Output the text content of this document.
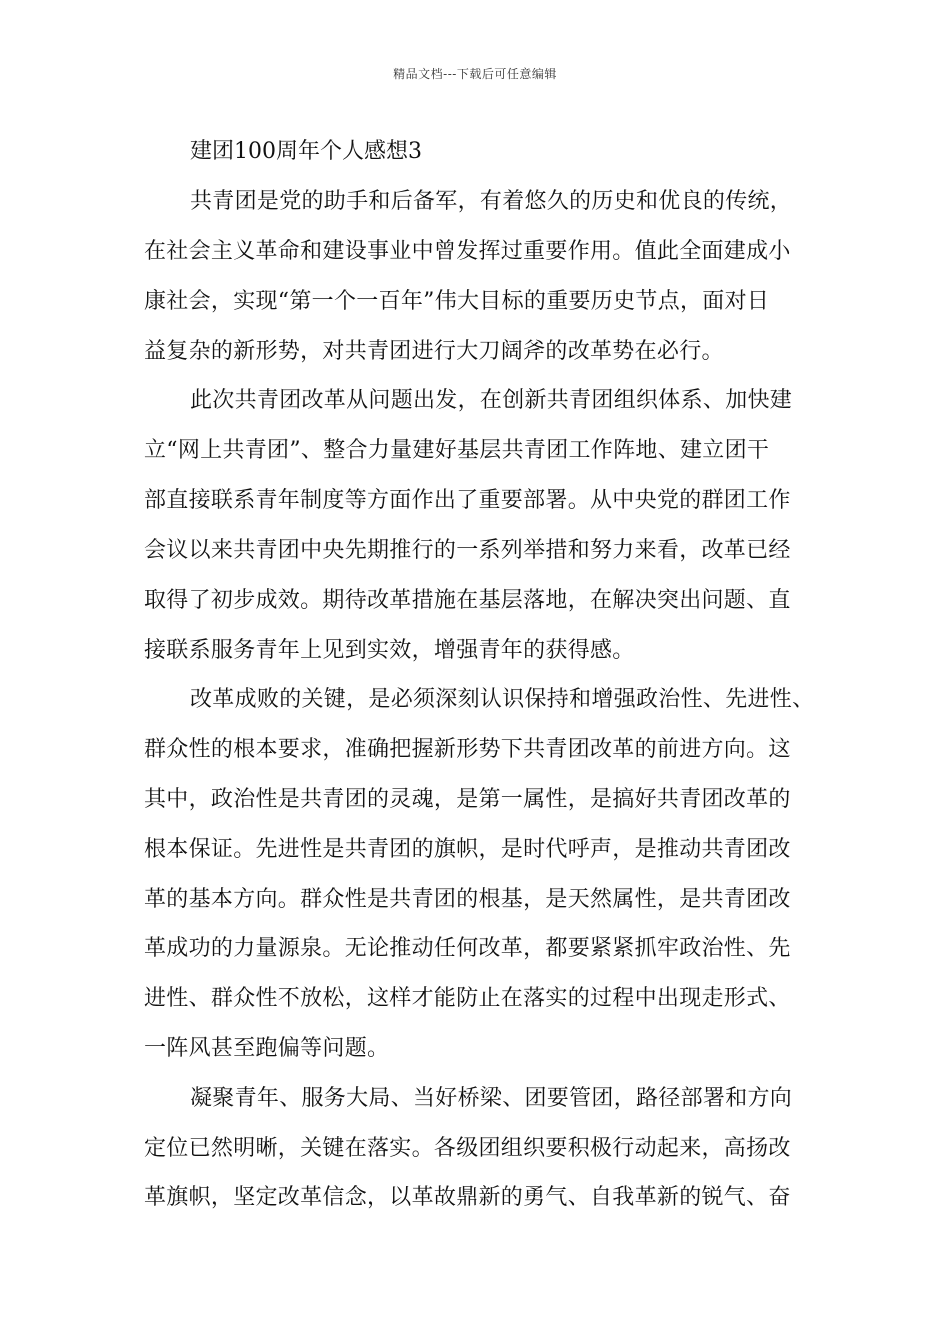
精品文档---下载后可任意编辑
建团100周年个人感想3
共青团是党的助手和后备军，有着悠久的历史和优良的传统，
在社会主义革命和建设事业中曾发挥过重要作用。值此全面建成小
康社会，实现“第一个一百年”伟大目标的重要历史节点，面对日
益复杂的新形势，对共青团进行大刀阔斧的改革势在必行。
此次共青团改革从问题出发，在创新共青团组织体系、加快建
立“网上共青团”、整合力量建好基层共青团工作阵地、建立团干
部直接联系青年制度等方面作出了重要部署。从中央党的群团工作
会议以来共青团中央先期推行的一系列举措和努力来看，改革已经
取得了初步成效。期待改革措施在基层落地，在解决突出问题、直
接联系服务青年上见到实效，增强青年的获得感。
改革成败的关键，是必须深刻认识保持和增强政治性、先进性、
群众性的根本要求，准确把握新形势下共青团改革的前进方向。这
其中，政治性是共青团的灵魂，是第一属性，是搞好共青团改革的
根本保证。先进性是共青团的旗帜，是时代呼声，是推动共青团改
革的基本方向。群众性是共青团的根基，是天然属性，是共青团改
革成功的力量源泉。无论推动任何改革，都要紧紧抓牢政治性、先
进性、群众性不放松，这样才能防止在落实的过程中出现走形式、
一阵风甚至跑偏等问题。
凝聚青年、服务大局、当好桥梁、团要管团，路径部署和方向
定位已然明晰，关键在落实。各级团组织要积极行动起来，高扬改
革旗帜，坚定改革信念，以革故鼎新的勇气、自我革新的锐气、奋
